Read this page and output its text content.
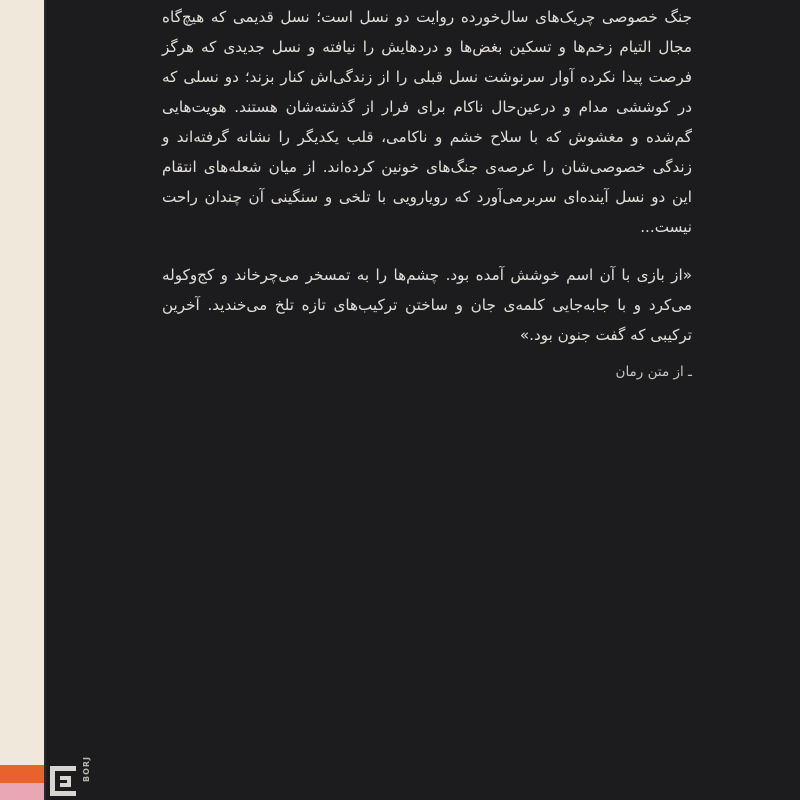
BORJ

جنگ خصوصی چریک‌های سال‌خورده روایت دو نسل است؛ نسل قدیمی که هیچ‌گاه مجال التیام زخم‌ها و تسکین بغض‌ها و دردهایش را نیافته و نسل جدیدی که هرگز فرصت پیدا نکرده آوار سرنوشت نسل قبلی را از زندگی‌اش کنار بزند؛ دو نسلی که در کوششی مدام و درعین‌حال ناکام برای فرار از گذشته‌شان هستند. هویت‌هایی گم‌شده و مغشوش که با سلاح خشم و ناکامی، قلب یکدیگر را نشانه گرفته‌اند و زندگی خصوصی‌شان را عرصه‌ی جنگ‌های خونین کرده‌اند. از میان شعله‌های انتقام این دو نسل آینده‌ای سربرمی‌آورد که رویارویی با تلخی و سنگینی آن چندان راحت نیست...

«از بازی با آن اسم خوشش آمده بود. چشم‌ها را به تمسخر می‌چرخاند و کج‌وکوله می‌کرد و با جابه‌جایی کلمه‌ی جان و ساختن ترکیب‌های تازه تلخ می‌خندید. آخرین ترکیبی که گفت جنون بود.»

ـ از متن رمان
